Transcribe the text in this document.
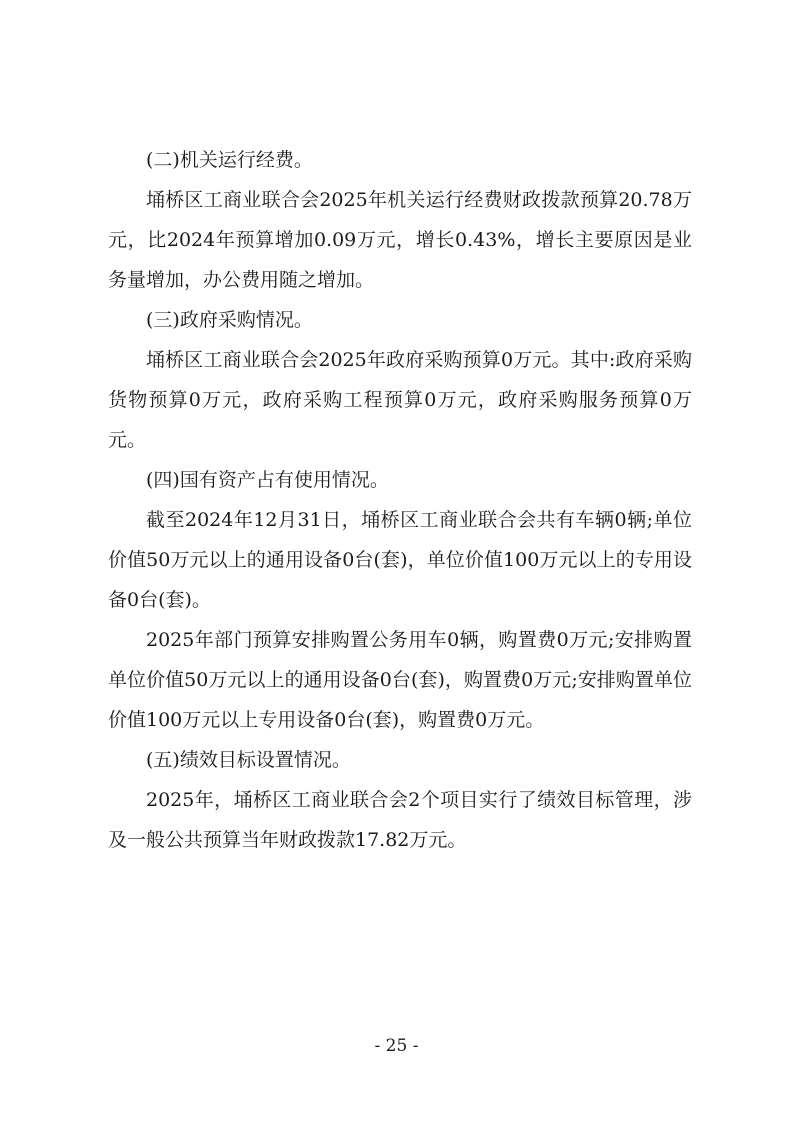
(二)机关运行经费。

埇桥区工商业联合会2025年机关运行经费财政拨款预算20.78万元，比2024年预算增加0.09万元，增长0.43%，增长主要原因是业务量增加，办公费用随之增加。

(三)政府采购情况。

埇桥区工商业联合会2025年政府采购预算0万元。其中:政府采购货物预算0万元，政府采购工程预算0万元，政府采购服务预算0万元。

(四)国有资产占有使用情况。

截至2024年12月31日，埇桥区工商业联合会共有车辆0辆;单位价值50万元以上的通用设备0台(套)，单位价值100万元以上的专用设备0台(套)。

2025年部门预算安排购置公务用车0辆，购置费0万元;安排购置单位价值50万元以上的通用设备0台(套)，购置费0万元;安排购置单位价值100万元以上专用设备0台(套)，购置费0万元。

(五)绩效目标设置情况。

2025年，埇桥区工商业联合会2个项目实行了绩效目标管理，涉及一般公共预算当年财政拨款17.82万元。

- 25 -
